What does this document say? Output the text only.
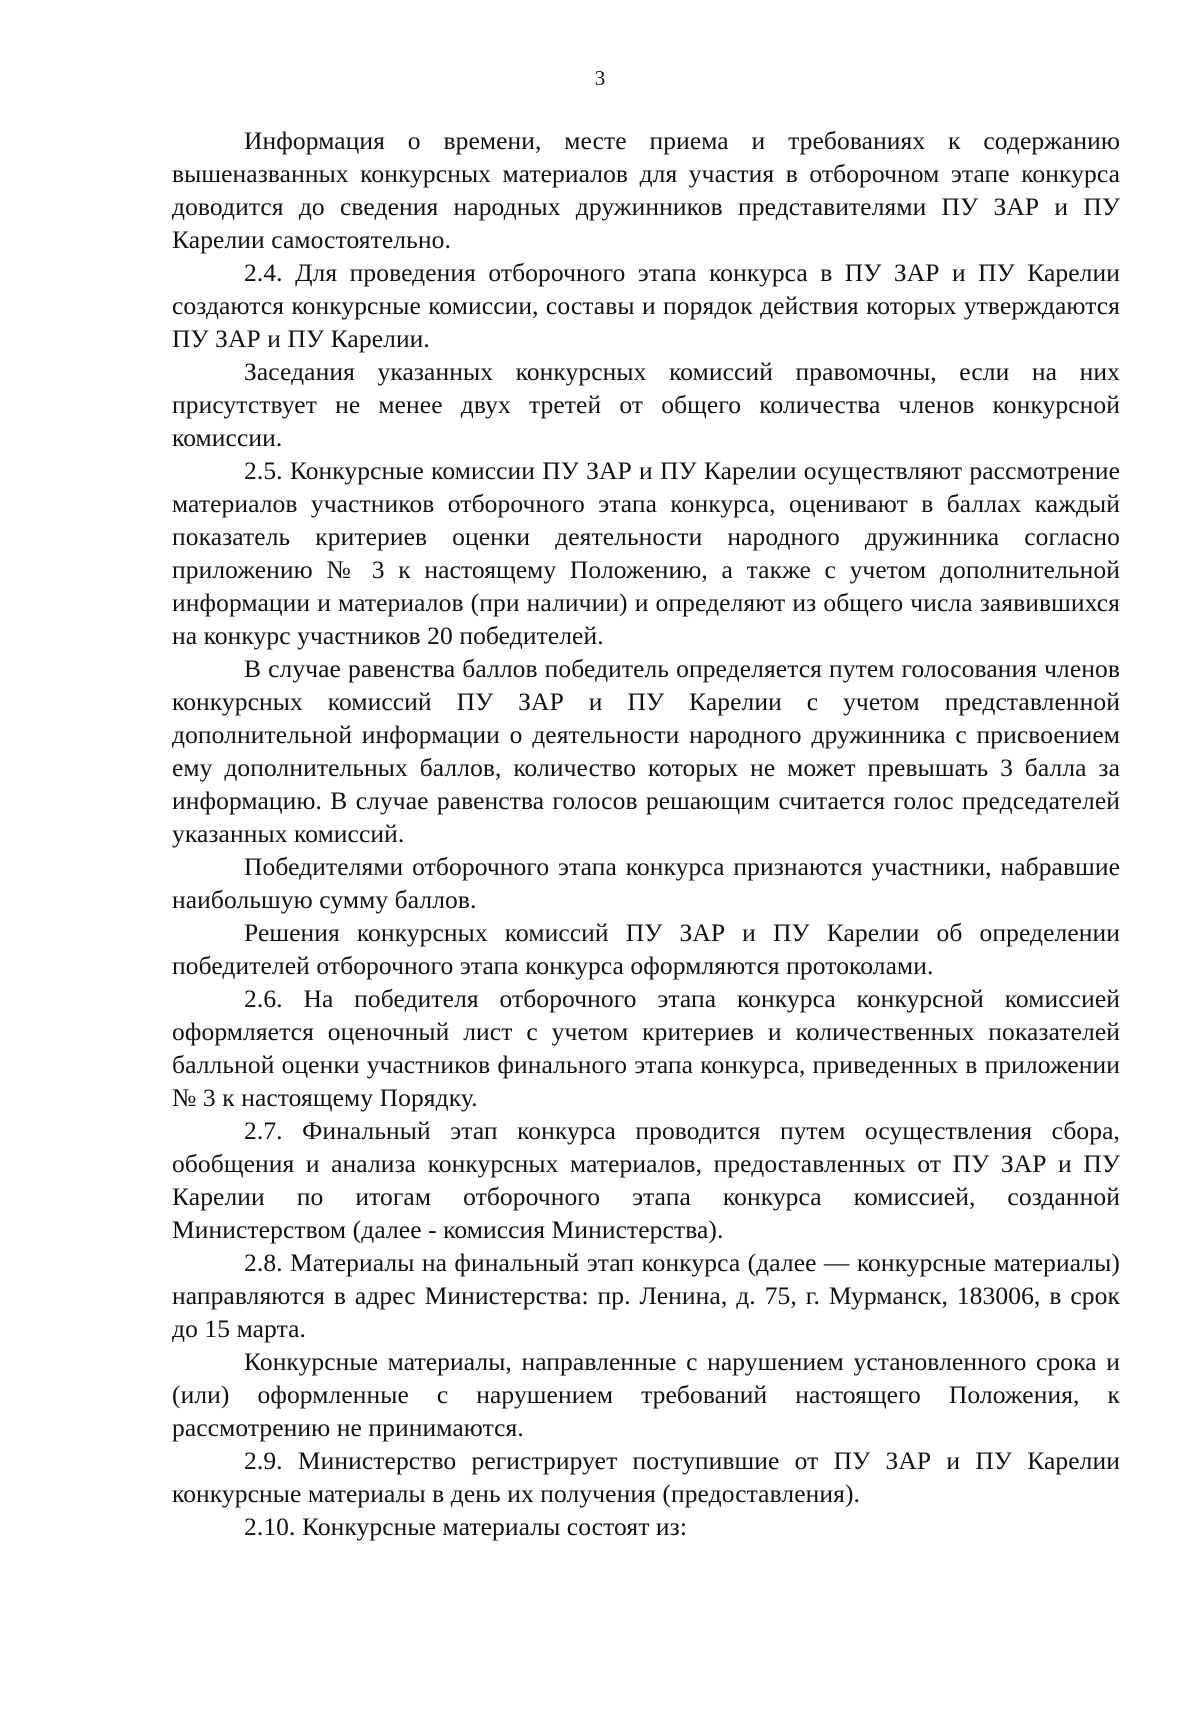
3

Информация о времени, месте приема и требованиях к содержанию вышеназванных конкурсных материалов для участия в отборочном этапе конкурса доводится до сведения народных дружинников представителями ПУ ЗАР и ПУ Карелии самостоятельно.

2.4. Для проведения отборочного этапа конкурса в ПУ ЗАР и ПУ Карелии создаются конкурсные комиссии, составы и порядок действия которых утверждаются ПУ ЗАР и ПУ Карелии.

Заседания указанных конкурсных комиссий правомочны, если на них присутствует не менее двух третей от общего количества членов конкурсной комиссии.

2.5. Конкурсные комиссии ПУ ЗАР и ПУ Карелии осуществляют рассмотрение материалов участников отборочного этапа конкурса, оценивают в баллах каждый показатель критериев оценки деятельности народного дружинника согласно приложению № 3 к настоящему Положению, а также с учетом дополнительной информации и материалов (при наличии) и определяют из общего числа заявившихся на конкурс участников 20 победителей.

В случае равенства баллов победитель определяется путем голосования членов конкурсных комиссий ПУ ЗАР и ПУ Карелии с учетом представленной дополнительной информации о деятельности народного дружинника с присвоением ему дополнительных баллов, количество которых не может превышать 3 балла за информацию. В случае равенства голосов решающим считается голос председателей указанных комиссий.

Победителями отборочного этапа конкурса признаются участники, набравшие наибольшую сумму баллов.

Решения конкурсных комиссий ПУ ЗАР и ПУ Карелии об определении победителей отборочного этапа конкурса оформляются протоколами.

2.6. На победителя отборочного этапа конкурса конкурсной комиссией оформляется оценочный лист с учетом критериев и количественных показателей балльной оценки участников финального этапа конкурса, приведенных в приложении № 3 к настоящему Порядку.

2.7. Финальный этап конкурса проводится путем осуществления сбора, обобщения и анализа конкурсных материалов, предоставленных от ПУ ЗАР и ПУ Карелии по итогам отборочного этапа конкурса комиссией, созданной Министерством (далее - комиссия Министерства).

2.8. Материалы на финальный этап конкурса (далее — конкурсные материалы) направляются в адрес Министерства: пр. Ленина, д. 75, г. Мурманск, 183006, в срок до 15 марта.

Конкурсные материалы, направленные с нарушением установленного срока и (или) оформленные с нарушением требований настоящего Положения, к рассмотрению не принимаются.

2.9. Министерство регистрирует поступившие от ПУ ЗАР и ПУ Карелии конкурсные материалы в день их получения (предоставления).

2.10. Конкурсные материалы состоят из:
